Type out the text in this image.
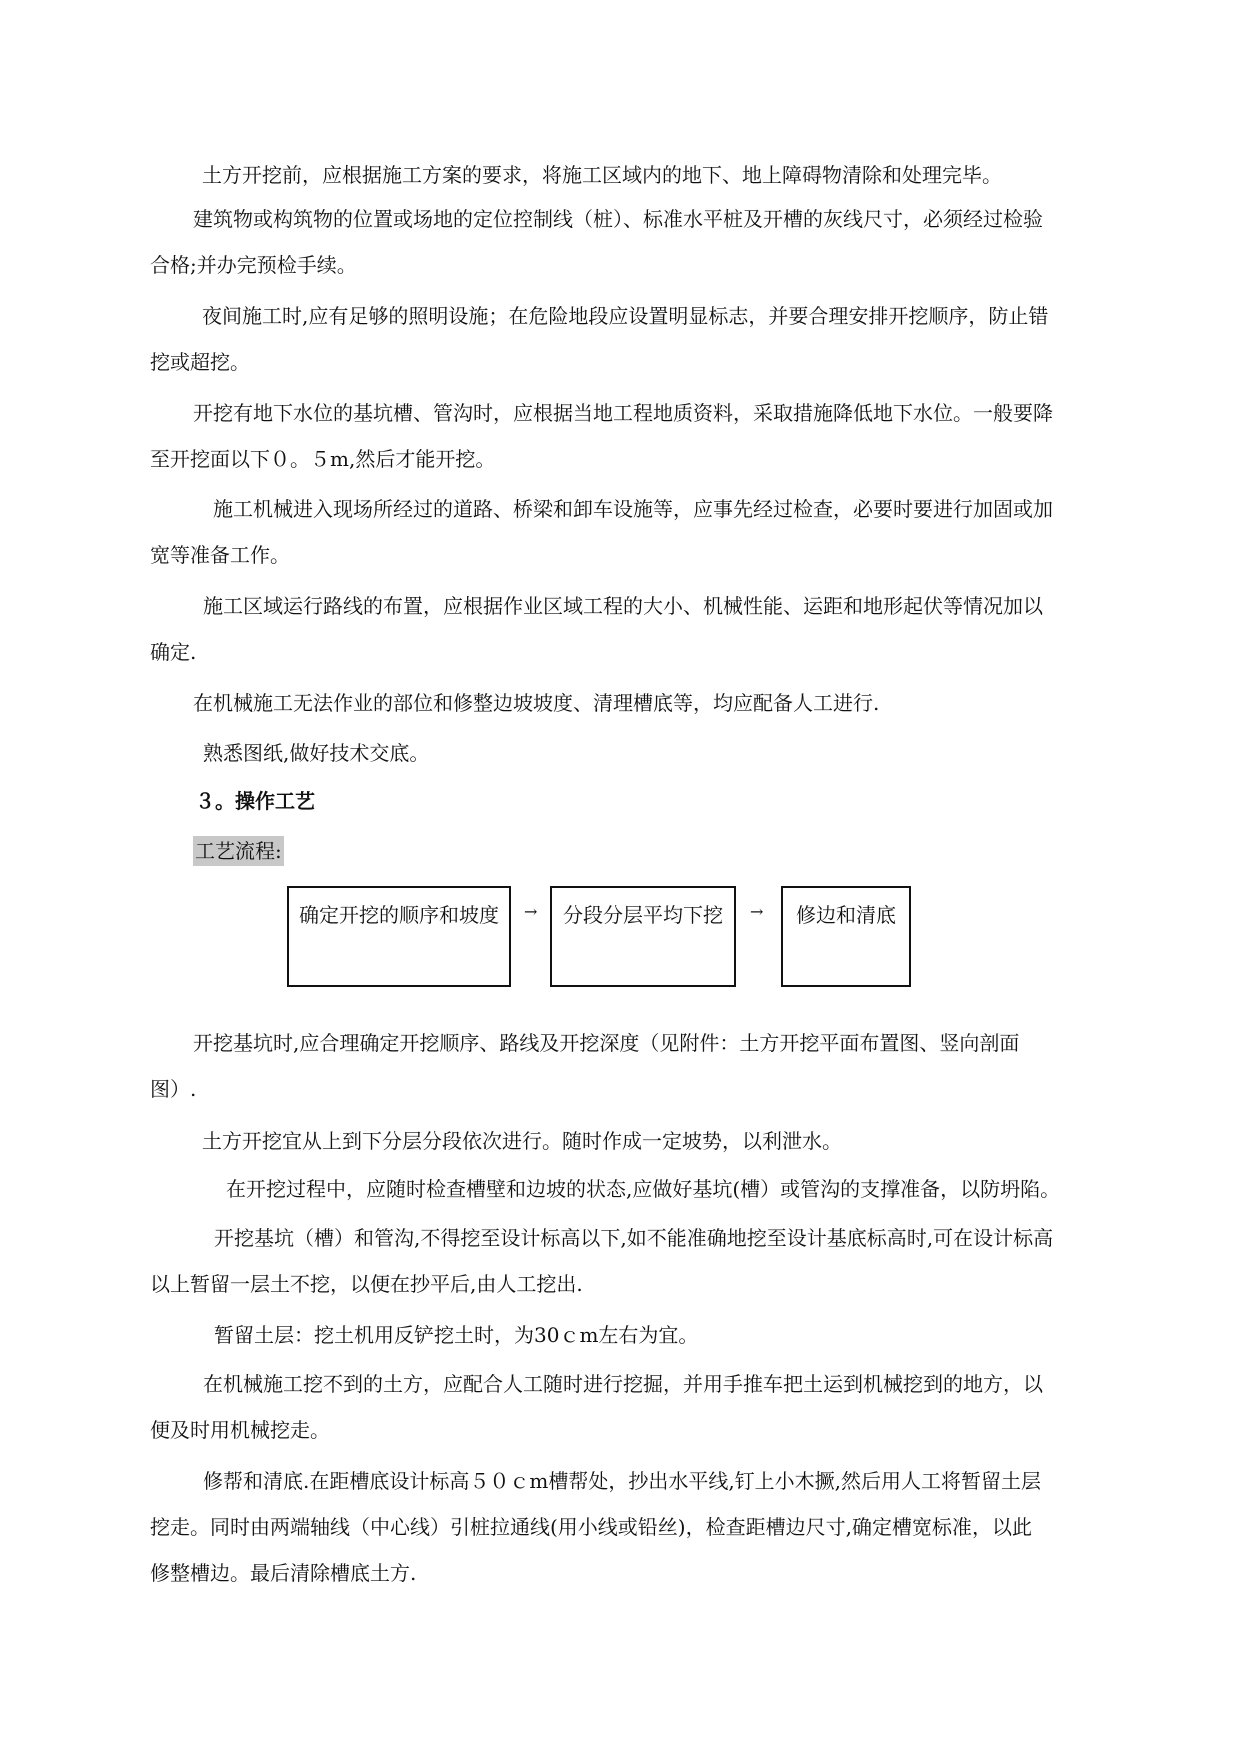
土方开挖前，应根据施工方案的要求，将施工区域内的地下、地上障碍物清除和处理完毕。
建筑物或构筑物的位置或场地的定位控制线（桩）、标准水平桩及开槽的灰线尺寸，必须经过检验
合格;并办完预检手续。
夜间施工时,应有足够的照明设施；在危险地段应设置明显标志，并要合理安排开挖顺序，防止错
挖或超挖。
开挖有地下水位的基坑槽、管沟时，应根据当地工程地质资料，采取措施降低地下水位。一般要降
至开挖面以下０。５m,然后才能开挖。
施工机械进入现场所经过的道路、桥梁和卸车设施等，应事先经过检查，必要时要进行加固或加
宽等准备工作。
施工区域运行路线的布置，应根据作业区域工程的大小、机械性能、运距和地形起伏等情况加以
确定.
在机械施工无法作业的部位和修整边坡坡度、清理槽底等，均应配备人工进行.
熟悉图纸,做好技术交底。
３。操作工艺
工艺流程:
确定开挖的顺序和坡度	→	分段分层平均下挖	→	修边和清底
开挖基坑时,应合理确定开挖顺序、路线及开挖深度（见附件：土方开挖平面布置图、竖向剖面
图）.
土方开挖宜从上到下分层分段依次进行。随时作成一定坡势，以利泄水。
在开挖过程中，应随时检查槽壁和边坡的状态,应做好基坑(槽）或管沟的支撑准备，以防坍陷。
开挖基坑（槽）和管沟,不得挖至设计标高以下,如不能准确地挖至设计基底标高时,可在设计标高
以上暂留一层土不挖，以便在抄平后,由人工挖出.
暂留土层：挖土机用反铲挖土时，为30ｃm左右为宜。
在机械施工挖不到的土方，应配合人工随时进行挖掘，并用手推车把土运到机械挖到的地方，以
便及时用机械挖走。
修帮和清底.在距槽底设计标高５０ｃm槽帮处，抄出水平线,钉上小木撅,然后用人工将暂留土层
挖走。同时由两端轴线（中心线）引桩拉通线(用小线或铅丝)，检查距槽边尺寸,确定槽宽标准，以此
修整槽边。最后清除槽底土方.
